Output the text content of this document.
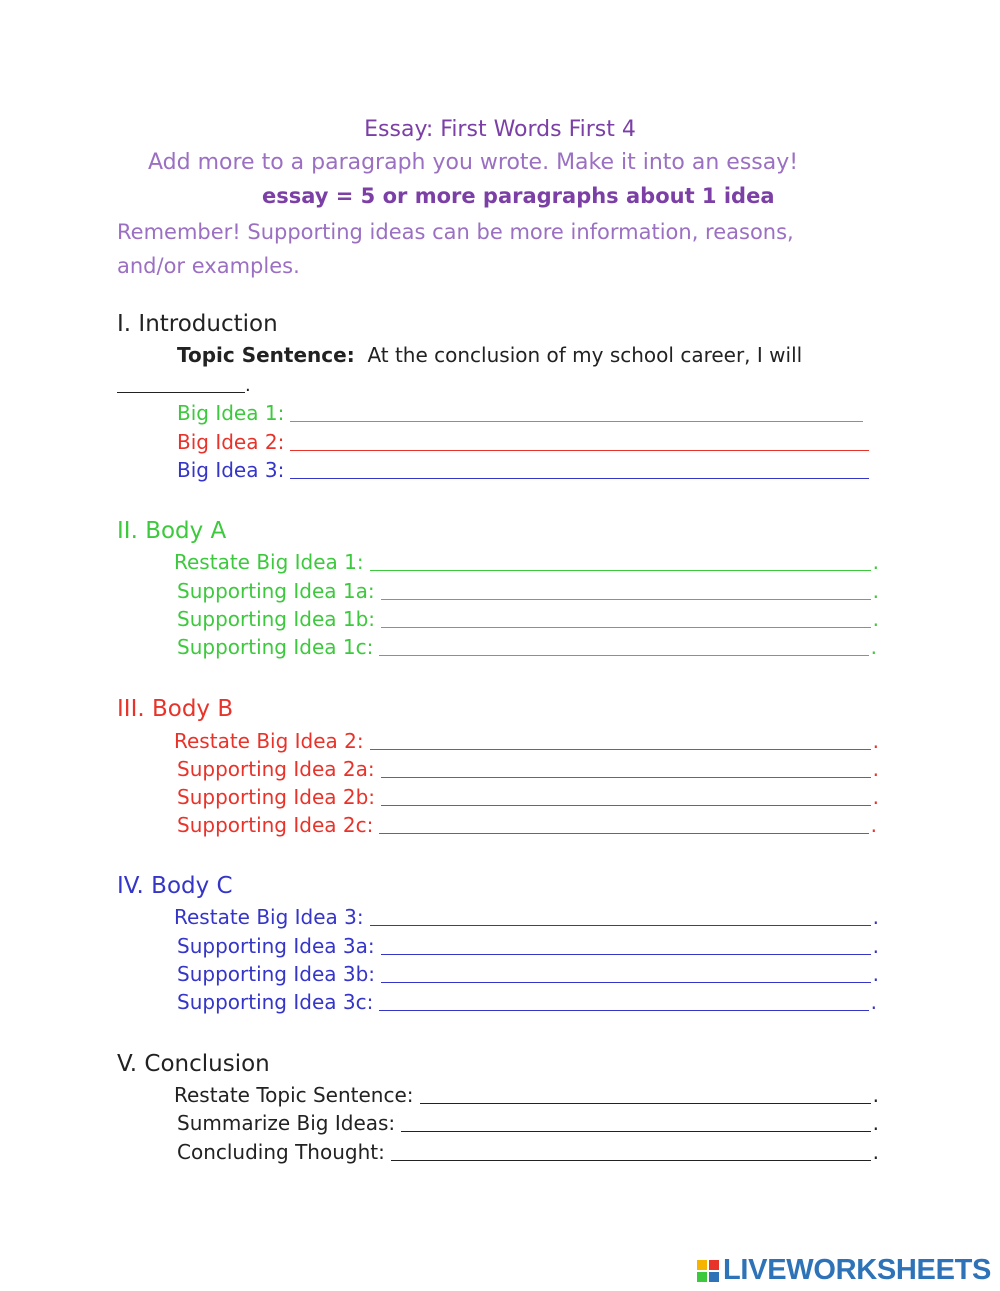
Essay: First Words First 4
Add more to a paragraph you wrote. Make it into an essay!
essay = 5 or more paragraphs about 1 idea
Remember! Supporting ideas can be more information, reasons, and/or examples.
I. Introduction
Topic Sentence: At the conclusion of my school career, I will
.
Big Idea 1:
Big Idea 2:
Big Idea 3:
II. Body A
Restate Big Idea 1:	.
Supporting Idea 1a:	.
Supporting Idea 1b:	.
Supporting Idea 1c:	.
III. Body B
Restate Big Idea 2:	.
Supporting Idea 2a:	.
Supporting Idea 2b:	.
Supporting Idea 2c:	.
IV. Body C
Restate Big Idea 3:	.
Supporting Idea 3a:	.
Supporting Idea 3b:	.
Supporting Idea 3c:	.
V. Conclusion
Restate Topic Sentence:	.
Summarize Big Ideas:	.
Concluding Thought:	.
LIVEWORKSHEETS
